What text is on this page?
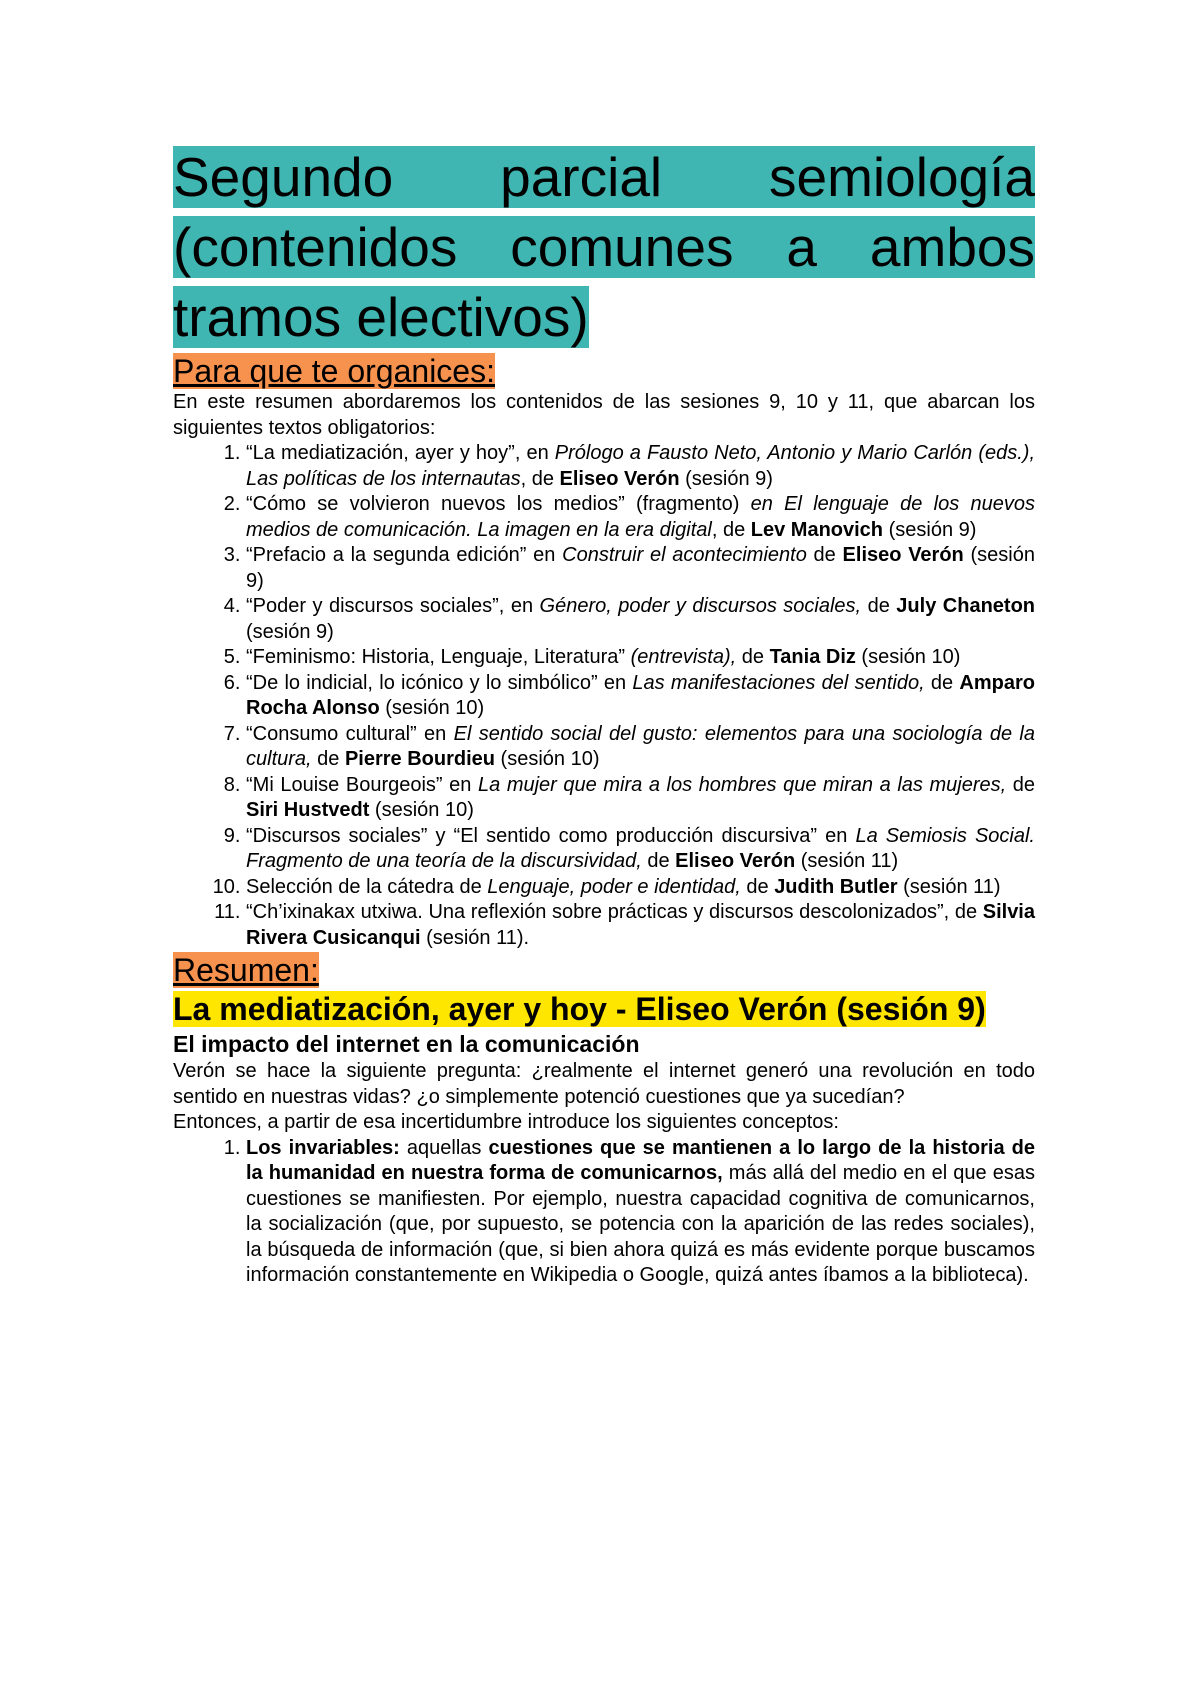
Segundo parcial semiología (contenidos comunes a ambos tramos electivos)
Para que te organices:

En este resumen abordaremos los contenidos de las sesiones 9, 10 y 11, que abarcan los siguientes textos obligatorios:

1. “La mediatización, ayer y hoy”, en Prólogo a Fausto Neto, Antonio y Mario Carlón (eds.), Las políticas de los internautas, de Eliseo Verón (sesión 9)
2. “Cómo se volvieron nuevos los medios” (fragmento) en El lenguaje de los nuevos medios de comunicación. La imagen en la era digital, de Lev Manovich (sesión 9)
3. “Prefacio a la segunda edición” en Construir el acontecimiento de Eliseo Verón (sesión 9)
4. “Poder y discursos sociales”, en Género, poder y discursos sociales, de July Chaneton (sesión 9)
5. “Feminismo: Historia, Lenguaje, Literatura” (entrevista), de Tania Diz (sesión 10)
6. “De lo indicial, lo icónico y lo simbólico” en Las manifestaciones del sentido, de Amparo Rocha Alonso (sesión 10)
7. “Consumo cultural” en El sentido social del gusto: elementos para una sociología de la cultura, de Pierre Bourdieu (sesión 10)
8. “Mi Louise Bourgeois” en La mujer que mira a los hombres que miran a las mujeres, de Siri Hustvedt (sesión 10)
9. “Discursos sociales” y “El sentido como producción discursiva” en La Semiosis Social. Fragmento de una teoría de la discursividad, de Eliseo Verón (sesión 11)
10. Selección de la cátedra de Lenguaje, poder e identidad, de Judith Butler (sesión 11)
11. “Ch’ixinakax utxiwa. Una reflexión sobre prácticas y discursos descolonizados”, de Silvia Rivera Cusicanqui (sesión 11).
Resumen:
La mediatización, ayer y hoy - Eliseo Verón (sesión 9)
El impacto del internet en la comunicación

Verón se hace la siguiente pregunta: ¿realmente el internet generó una revolución en todo sentido en nuestras vidas? ¿o simplemente potenció cuestiones que ya sucedían?

Entonces, a partir de esa incertidumbre introduce los siguientes conceptos:

1. Los invariables: aquellas cuestiones que se mantienen a lo largo de la historia de la humanidad en nuestra forma de comunicarnos, más allá del medio en el que esas cuestiones se manifiesten. Por ejemplo, nuestra capacidad cognitiva de comunicarnos, la socialización (que, por supuesto, se potencia con la aparición de las redes sociales), la búsqueda de información (que, si bien ahora quizá es más evidente porque buscamos información constantemente en Wikipedia o Google, quizá antes íbamos a la biblioteca).
